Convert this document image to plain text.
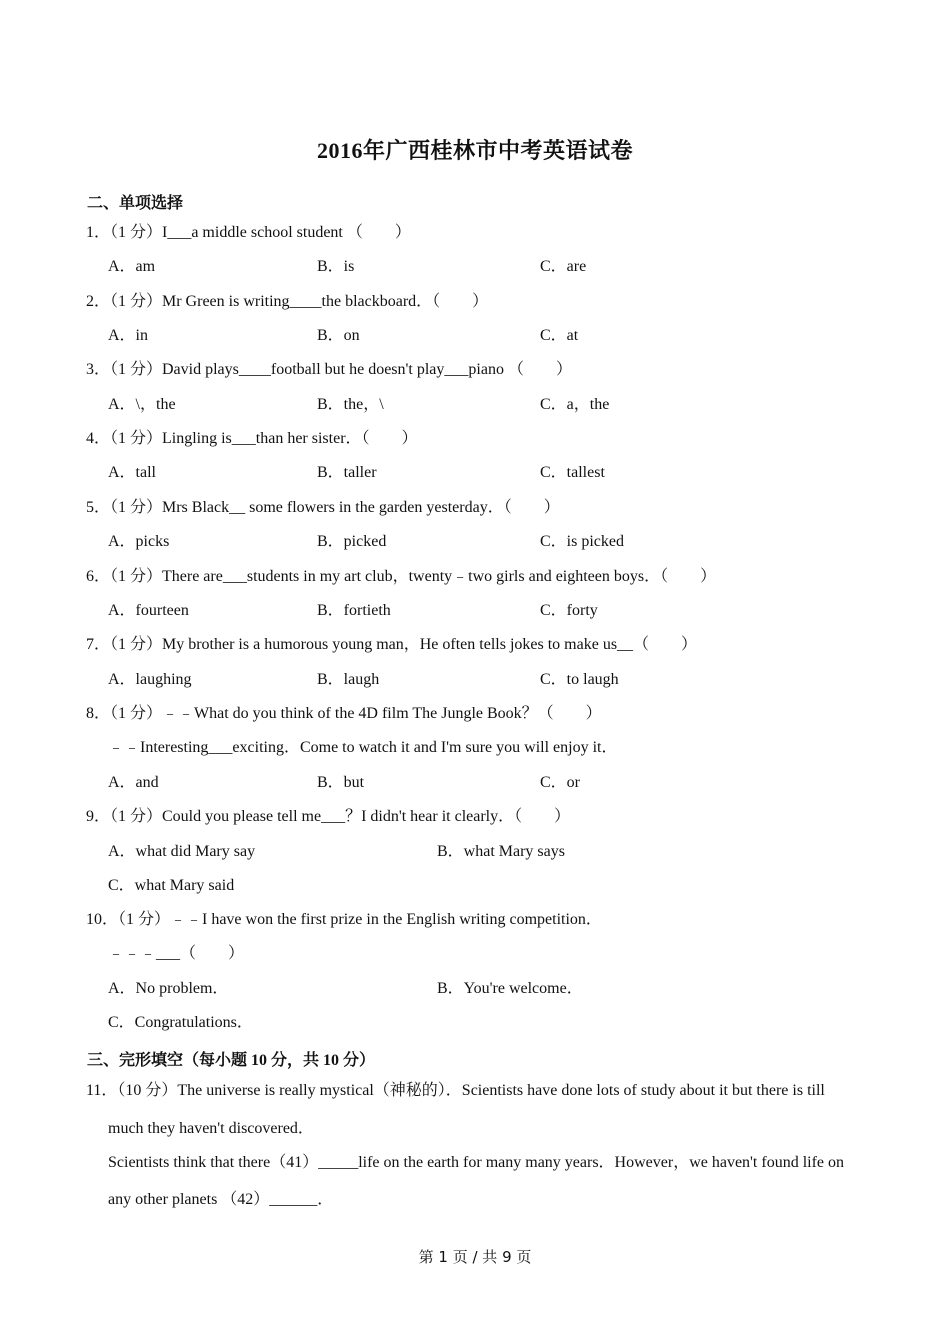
2016年广西桂林市中考英语试卷
二、单项选择
1．（1 分）I___a middle school student （　　）
A．am	B．is	C．are
2．（1 分）Mr Green is writing____the blackboard．（　　）
A．in	B．on	C．at
3．（1 分）David plays____football but he doesn't play___piano （　　）
A．\，the	B．the，\	C．a，the
4．（1 分）Lingling is___than her sister．（　　）
A．tall	B．taller	C．tallest
5．（1 分）Mrs Black__ some flowers in the garden yesterday．（　　）
A．picks	B．picked	C．is picked
6．（1 分）There are___students in my art club，twenty﹣two girls and eighteen boys．（　　）
A．fourteen	B．fortieth	C．forty
7．（1 分）My brother is a humorous young man，He often tells jokes to make us__（　　）
A．laughing	B．laugh	C．to laugh
8．（1 分）﹣﹣What do you think of the 4D film The Jungle Book？（　　）
﹣﹣Interesting___exciting．Come to watch it and I'm sure you will enjoy it．
A．and	B．but	C．or
9．（1 分）Could you please tell me___？I didn't hear it clearly．（　　）
A．what did Mary say	B．what Mary says
C．what Mary said
10．（1 分）﹣﹣I have won the first prize in the English writing competition．
﹣﹣﹣___（　　）
A．No problem．	B．You're welcome．
C．Congratulations．
三、完形填空（每小题 10 分，共 10 分）
11．（10 分）The universe is really mystical（神秘的）．Scientists have done lots of study about it but there is till
much they haven't discovered．
Scientists think that there（41）_____life on the earth for many many years．However，we haven't found life on
any other planets （42）______．
第 1 页 / 共 9 页
